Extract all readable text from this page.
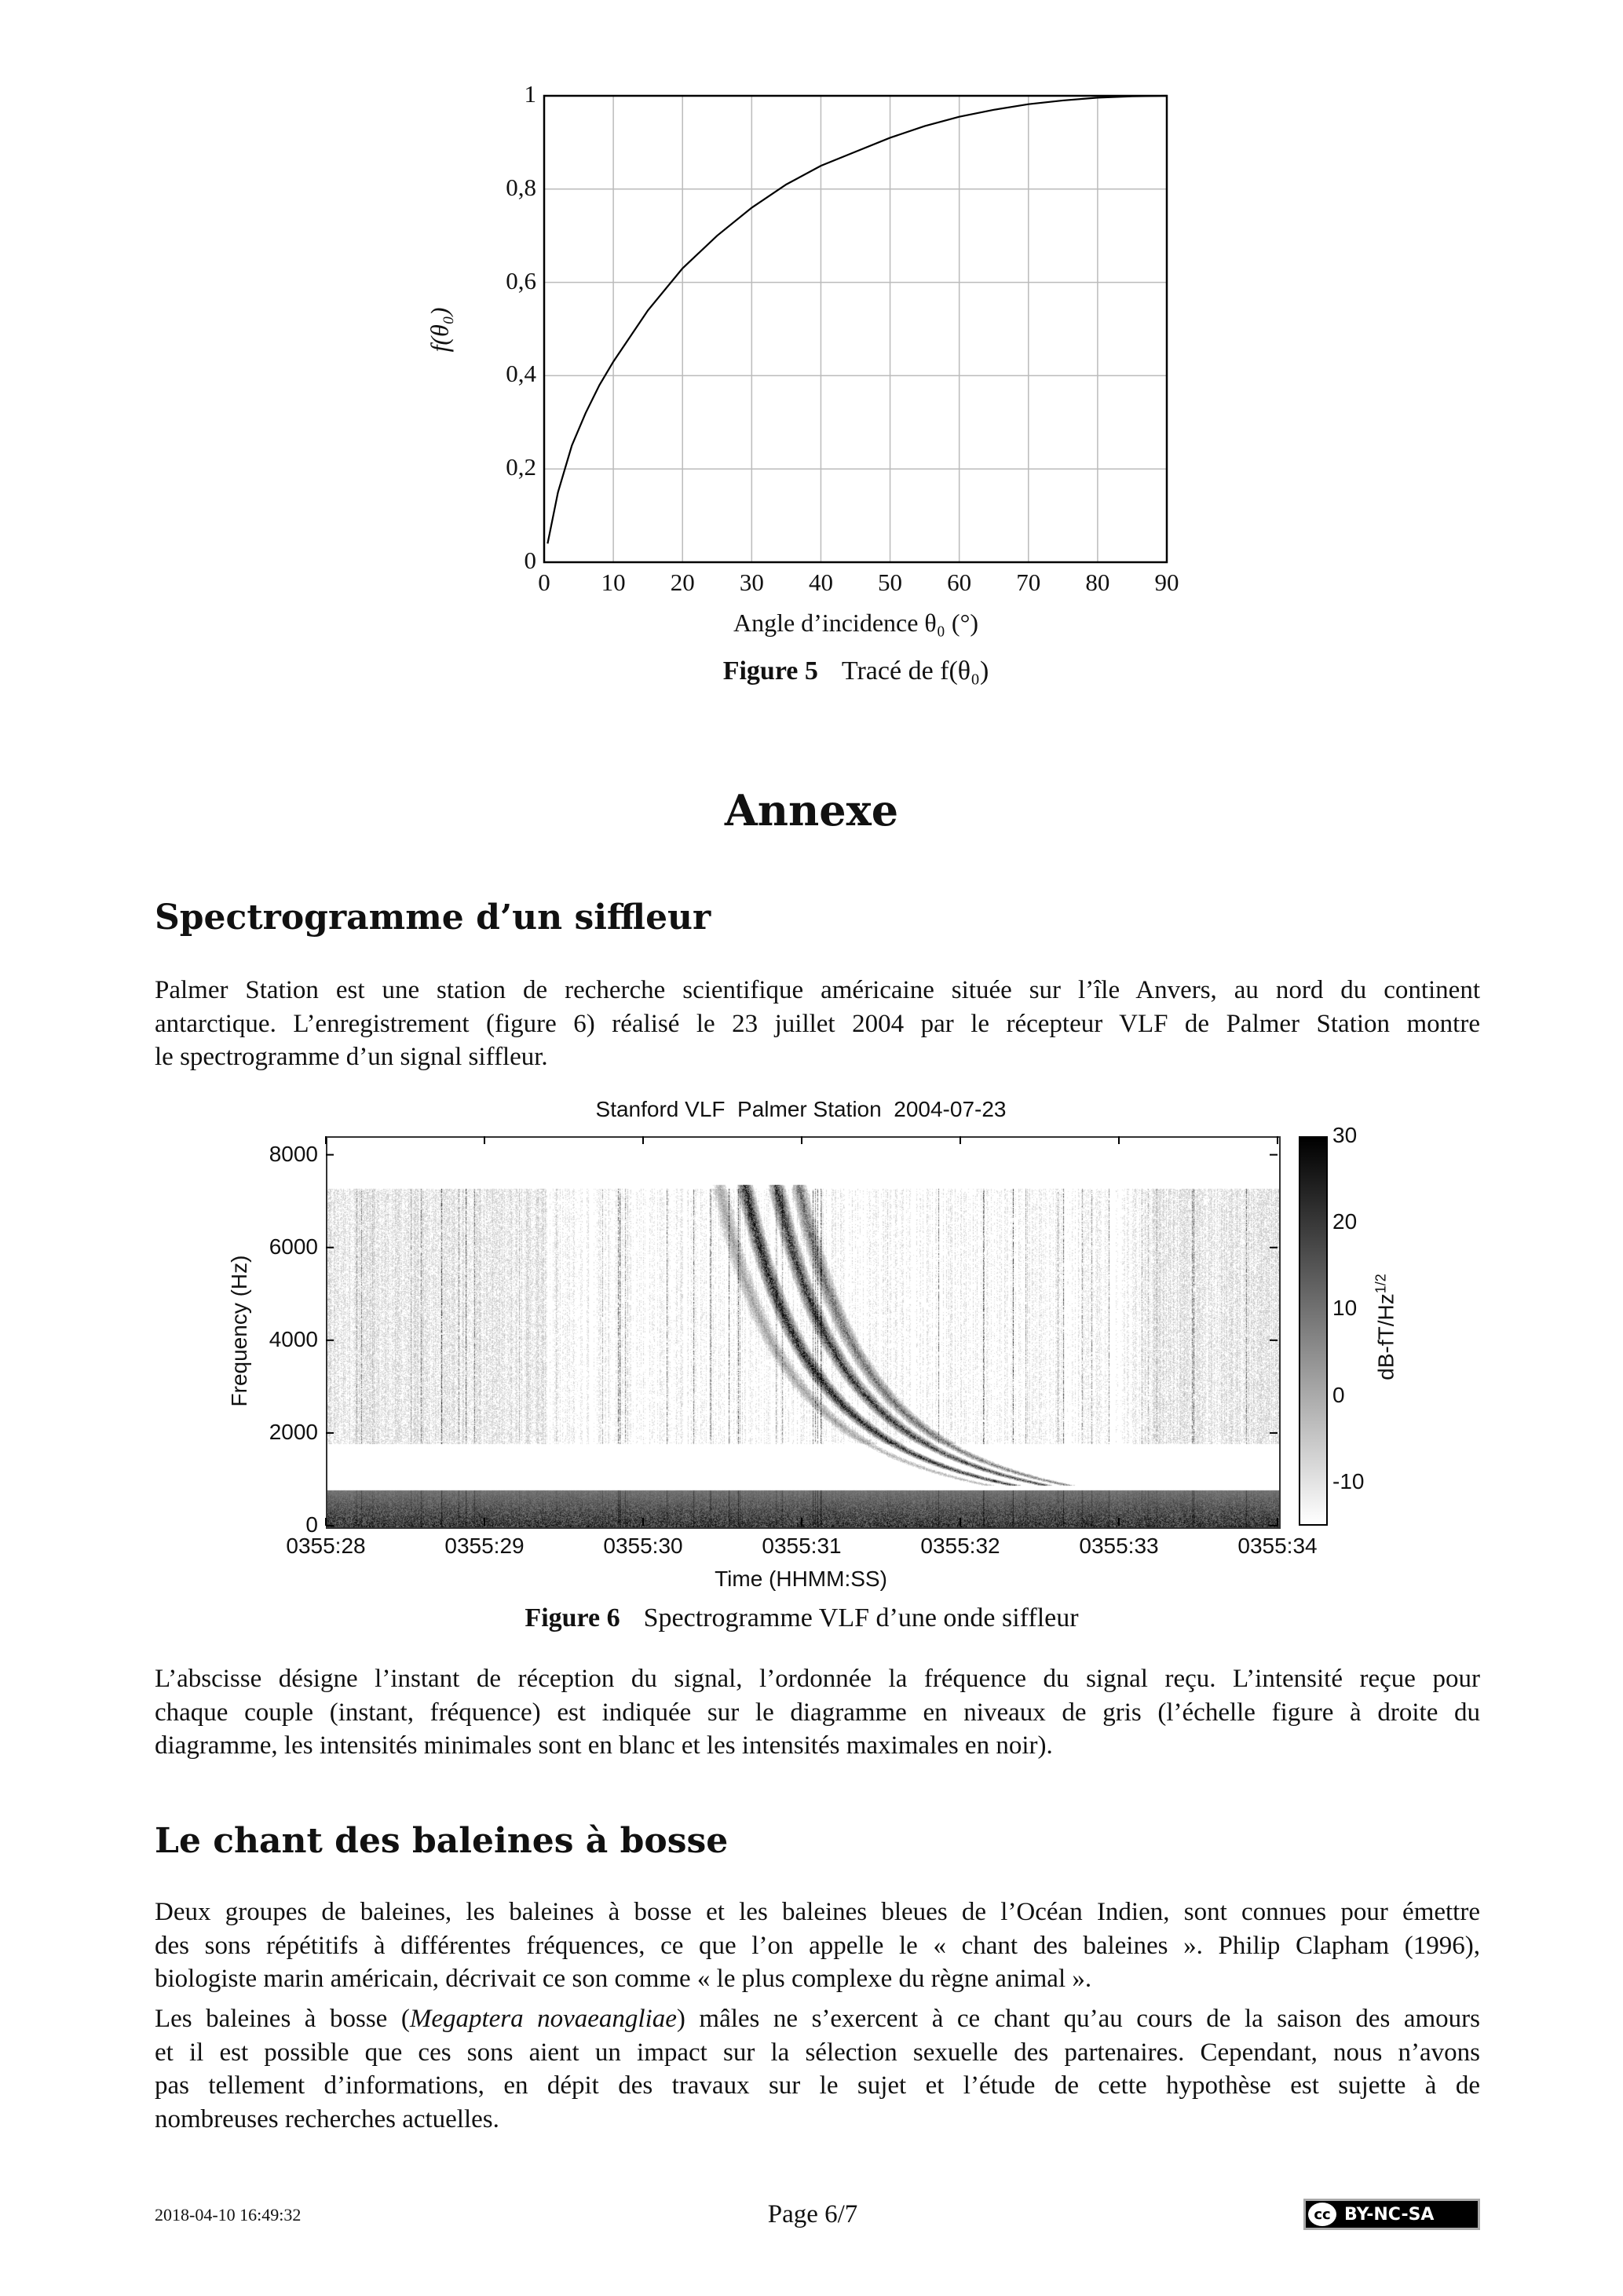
f(θ₀)
Angle d’incidence θ₀ (°)
0 10 20 30 40 50 60 70 80 90
0
0,2
0,4
0,6
0,8
1
Figure 5 Tracé de f(θ₀)
Annexe
Spectrogramme d’un siffleur
Palmer Station est une station de recherche scientifique américaine située sur l’île Anvers, au nord du continent
antarctique. L’enregistrement (figure 6) réalisé le 23 juillet 2004 par le récepteur VLF de Palmer Station montre
le spectrogramme d’un signal siffleur.
Stanford VLF  Palmer Station  2004-07-23
0355:28	0355:29	0355:30	0355:31	0355:32	0355:33	0355:34
0
2000
4000
6000
8000
30
20
10
0
-10
Frequency (Hz)
Time (HHMM:SS)
$dB-fT/Hz^{1/2}$
Figure 6 Spectrogramme VLF d’une onde siffleur
L’abscisse désigne l’instant de réception du signal, l’ordonnée la fréquence du signal reçu. L’intensité reçue pour
chaque couple (instant, fréquence) est indiquée sur le diagramme en niveaux de gris (l’échelle figure à droite du
diagramme, les intensités minimales sont en blanc et les intensités maximales en noir).
Le chant des baleines à bosse
Deux groupes de baleines, les baleines à bosse et les baleines bleues de l’Océan Indien, sont connues pour émettre
des sons répétitifs à différentes fréquences, ce que l’on appelle le « chant des baleines ». Philip Clapham (1996),
biologiste marin américain, décrivait ce son comme « le plus complexe du règne animal ».
Les baleines à bosse (Megaptera novaeangliae) mâles ne s’exercent à ce chant qu’au cours de la saison des amours
et il est possible que ces sons aient un impact sur la sélection sexuelle des partenaires. Cependant, nous n’avons
pas tellement d’informations, en dépit des travaux sur le sujet et l’étude de cette hypothèse est sujette à de
nombreuses recherches actuelles.
2018-04-10 16:49:32	Page 6/7	cc BY-NC-SA
